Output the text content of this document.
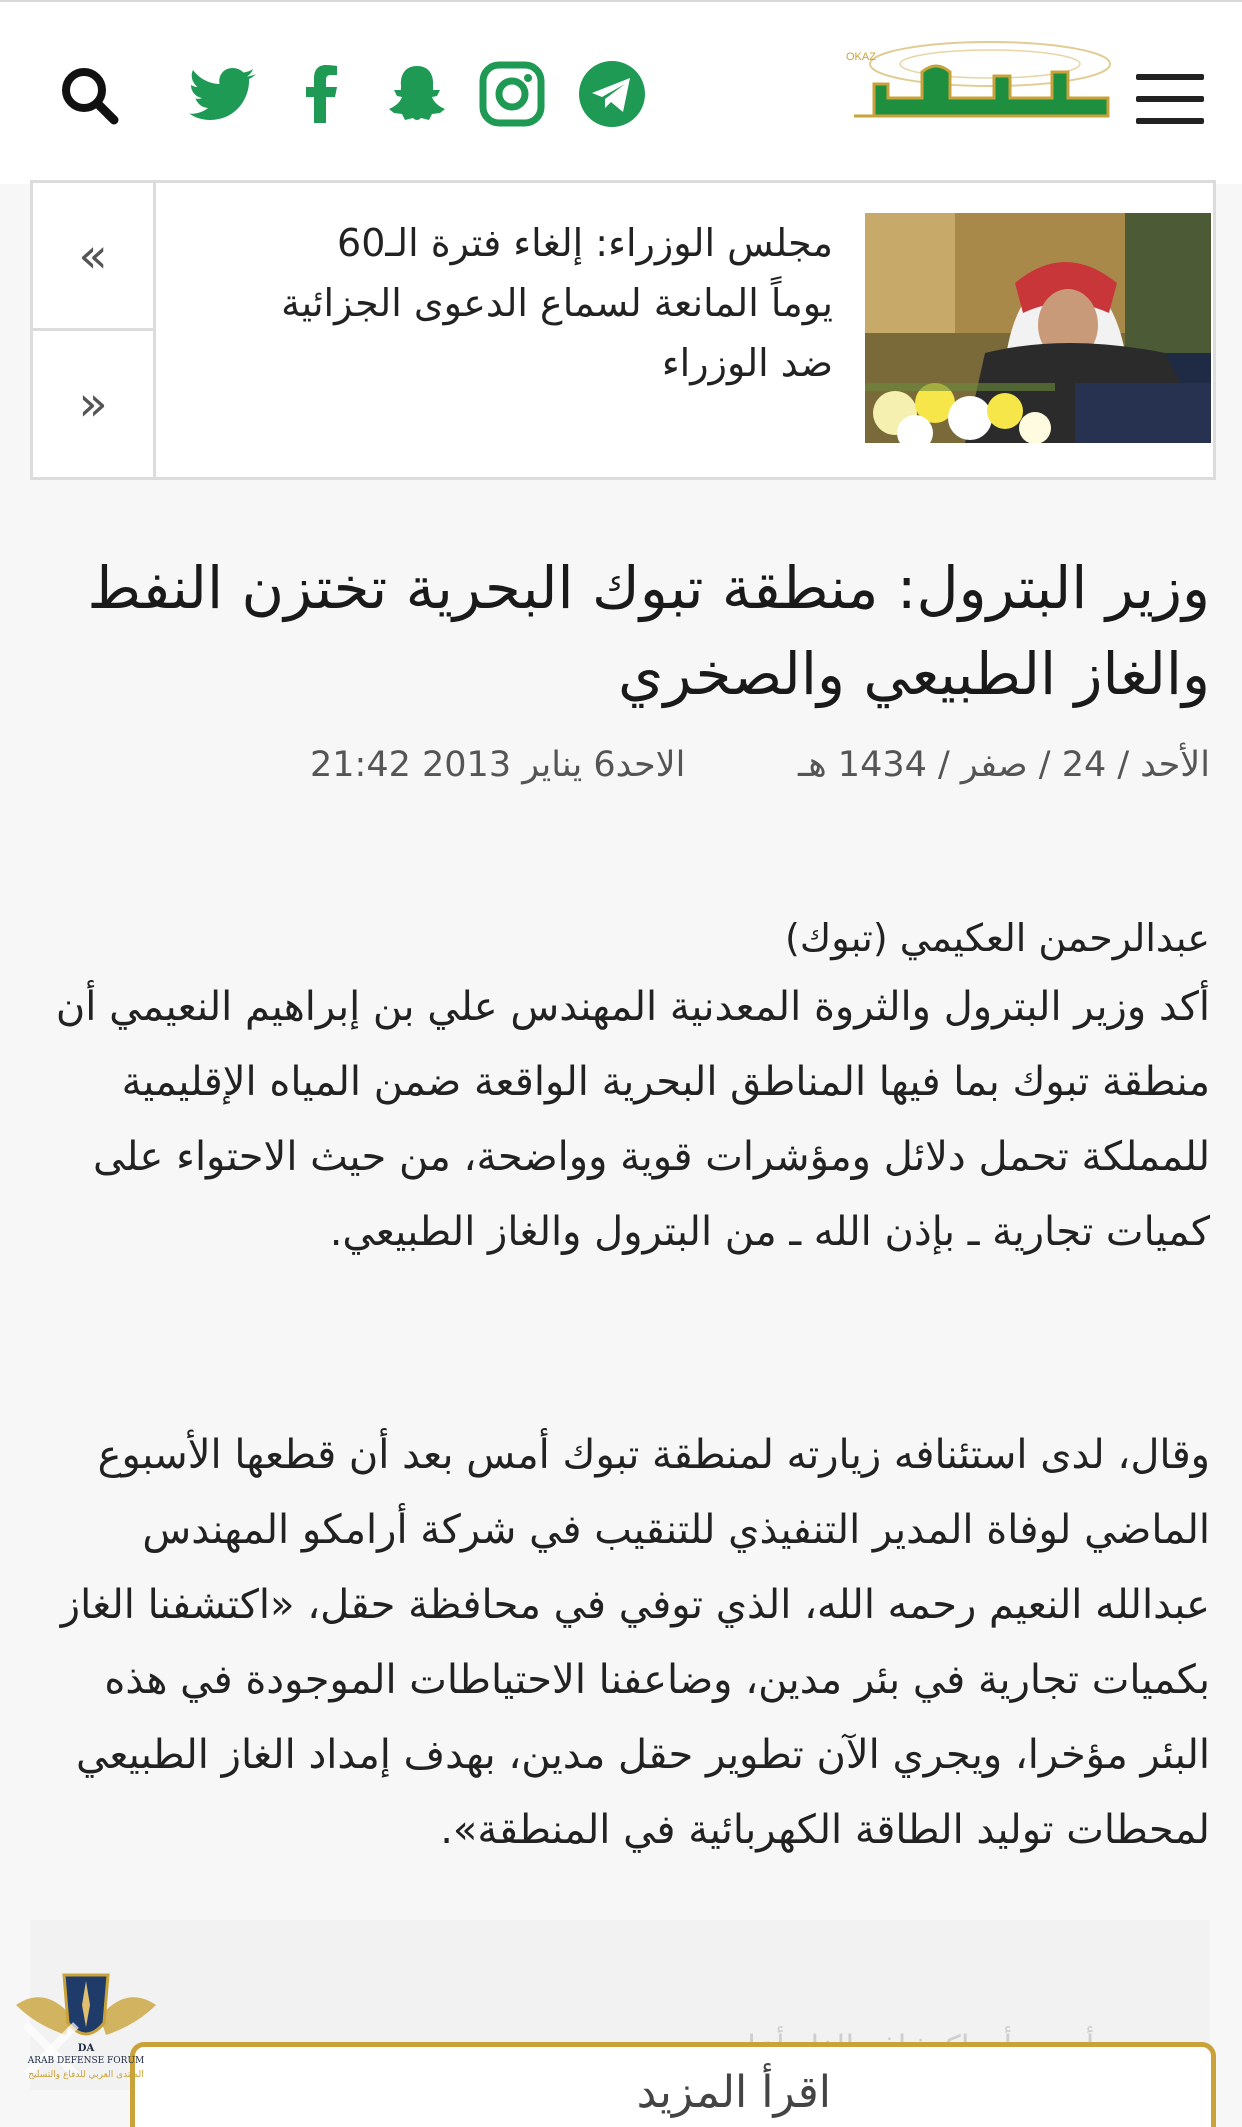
OKAZ
«
»
مجلس الوزراء: إلغاء فترة الـ60 يوماً المانعة لسماع الدعوى الجزائية ضد الوزراء
وزير البترول: منطقة تبوك البحرية تختزن النفط والغاز الطبيعي والصخري
الأحد / 24 / صفر / 1434 هـ
الاحد6 يناير 2013 21:42
عبدالرحمن العكيمي (تبوك)

أكد وزير البترول والثروة المعدنية المهندس علي بن إبراهيم النعيمي أن منطقة تبوك بما فيها المناطق البحرية الواقعة ضمن المياه الإقليمية للمملكة تحمل دلائل ومؤشرات قوية وواضحة، من حيث الاحتواء على كميات تجارية ـ بإذن الله ـ من البترول والغاز الطبيعي.

وقال، لدى استئنافه زيارته لمنطقة تبوك أمس بعد أن قطعها الأسبوع الماضي لوفاة المدير التنفيذي للتنقيب في شركة أرامكو المهندس عبدالله النعيم رحمه الله، الذي توفي في محافظة حقل، «اكتشفنا الغاز بكميات تجارية في بئر مدين، وضاعفنا الاحتياطات الموجودة في هذه البئر مؤخرا، ويجري الآن تطوير حقل مدين، بهدف إمداد الغاز الطبيعي لمحطات توليد الطاقة الكهربائية في المنطقة».

اقرأ المزيد
DA
ARAB DEFENSE FORUM
المنتدى العربي للدفاع والتسليح
